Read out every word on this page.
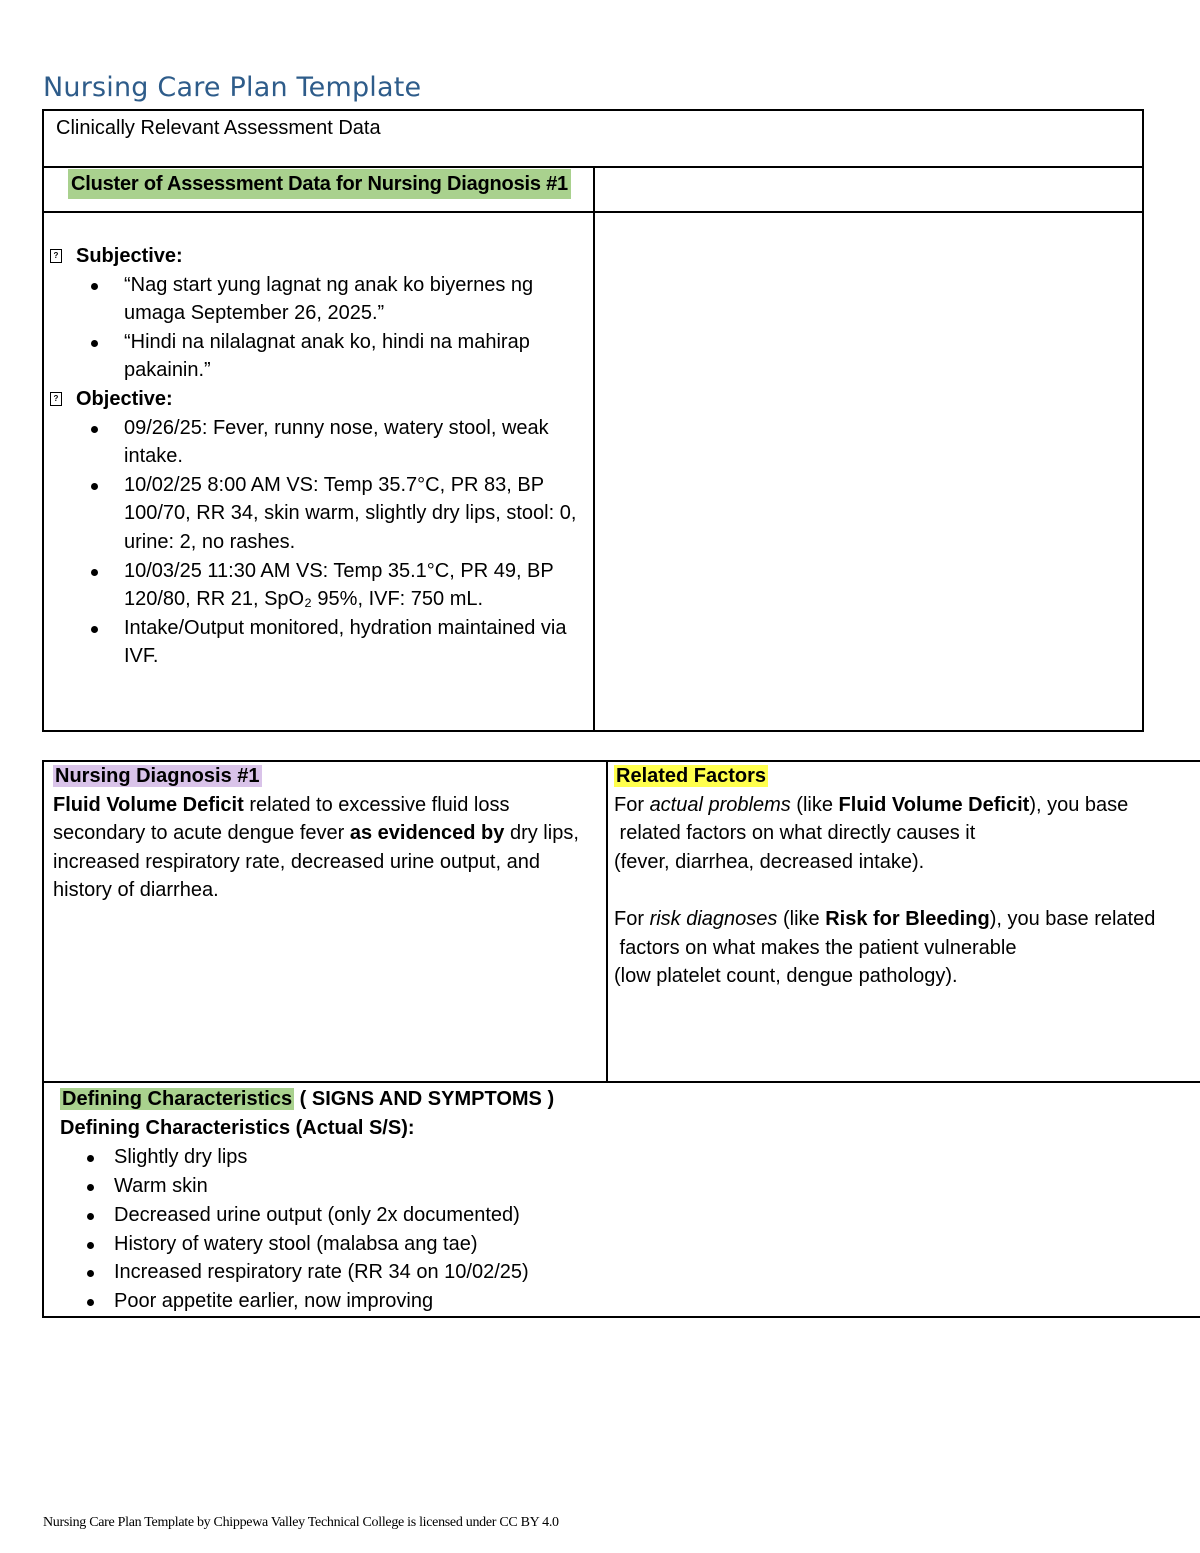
Nursing Care Plan Template
Clinically Relevant Assessment Data
Cluster of Assessment Data for Nursing Diagnosis #1
? Subjective:
“Nag start yung lagnat ng anak ko biyernes ng umaga September 26, 2025.”
“Hindi na nilalagnat anak ko, hindi na mahirap pakainin.”
? Objective:
09/26/25: Fever, runny nose, watery stool, weak intake.
10/02/25 8:00 AM VS: Temp 35.7°C, PR 83, BP 100/70, RR 34, skin warm, slightly dry lips, stool: 0, urine: 2, no rashes.
10/03/25 11:30 AM VS: Temp 35.1°C, PR 49, BP 120/80, RR 21, SpO₂ 95%, IVF: 750 mL.
Intake/Output monitored, hydration maintained via IVF.
Nursing Diagnosis #1
Fluid Volume Deficit related to excessive fluid loss secondary to acute dengue fever as evidenced by dry lips, increased respiratory rate, decreased urine output, and history of diarrhea.

Related Factors

For actual problems (like Fluid Volume Deficit), you base

related factors on what directly causes it

(fever, diarrhea, decreased intake).

For risk diagnoses (like Risk for Bleeding), you base related

factors on what makes the patient vulnerable

(low platelet count, dengue pathology).

Defining Characteristics ( SIGNS AND SYMPTOMS )
Defining Characteristics (Actual S/S):
Slightly dry lips
Warm skin
Decreased urine output (only 2x documented)
History of watery stool (malabsa ang tae)
Increased respiratory rate (RR 34 on 10/02/25)
Poor appetite earlier, now improving
Nursing Care Plan Template by Chippewa Valley Technical College is licensed under CC BY 4.0
